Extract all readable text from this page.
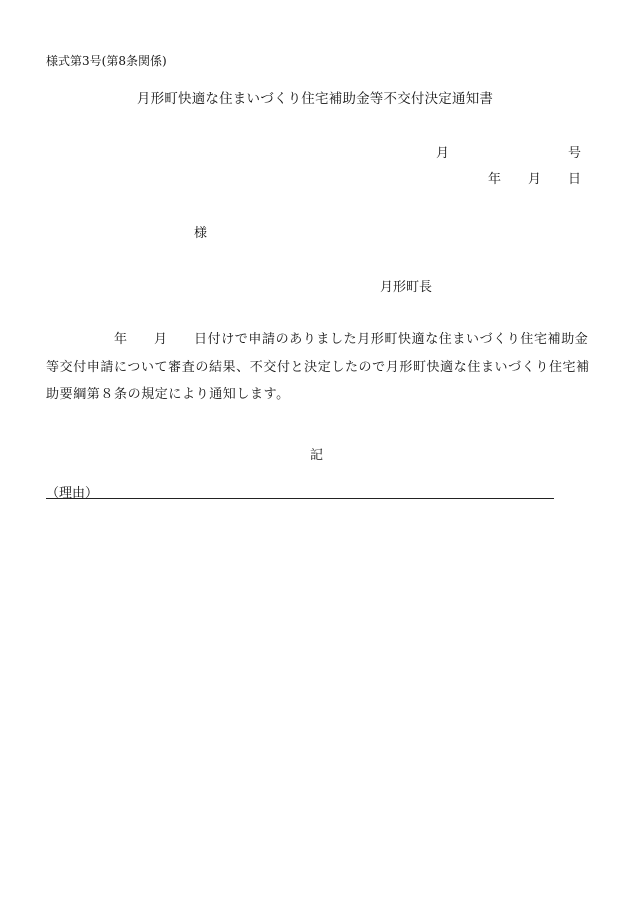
様式第3号(第8条関係)
月形町快適な住まいづくり住宅補助金等不交付決定通知書
月	号
年 月 日
様
月形町長
年 月 日付けで申請のありました月形町快適な住まいづくり住宅補助金
等交付申請について審査の結果、不交付と決定したので月形町快適な住まいづくり住宅補
助要綱第８条の規定により通知します。
記
（理由）
